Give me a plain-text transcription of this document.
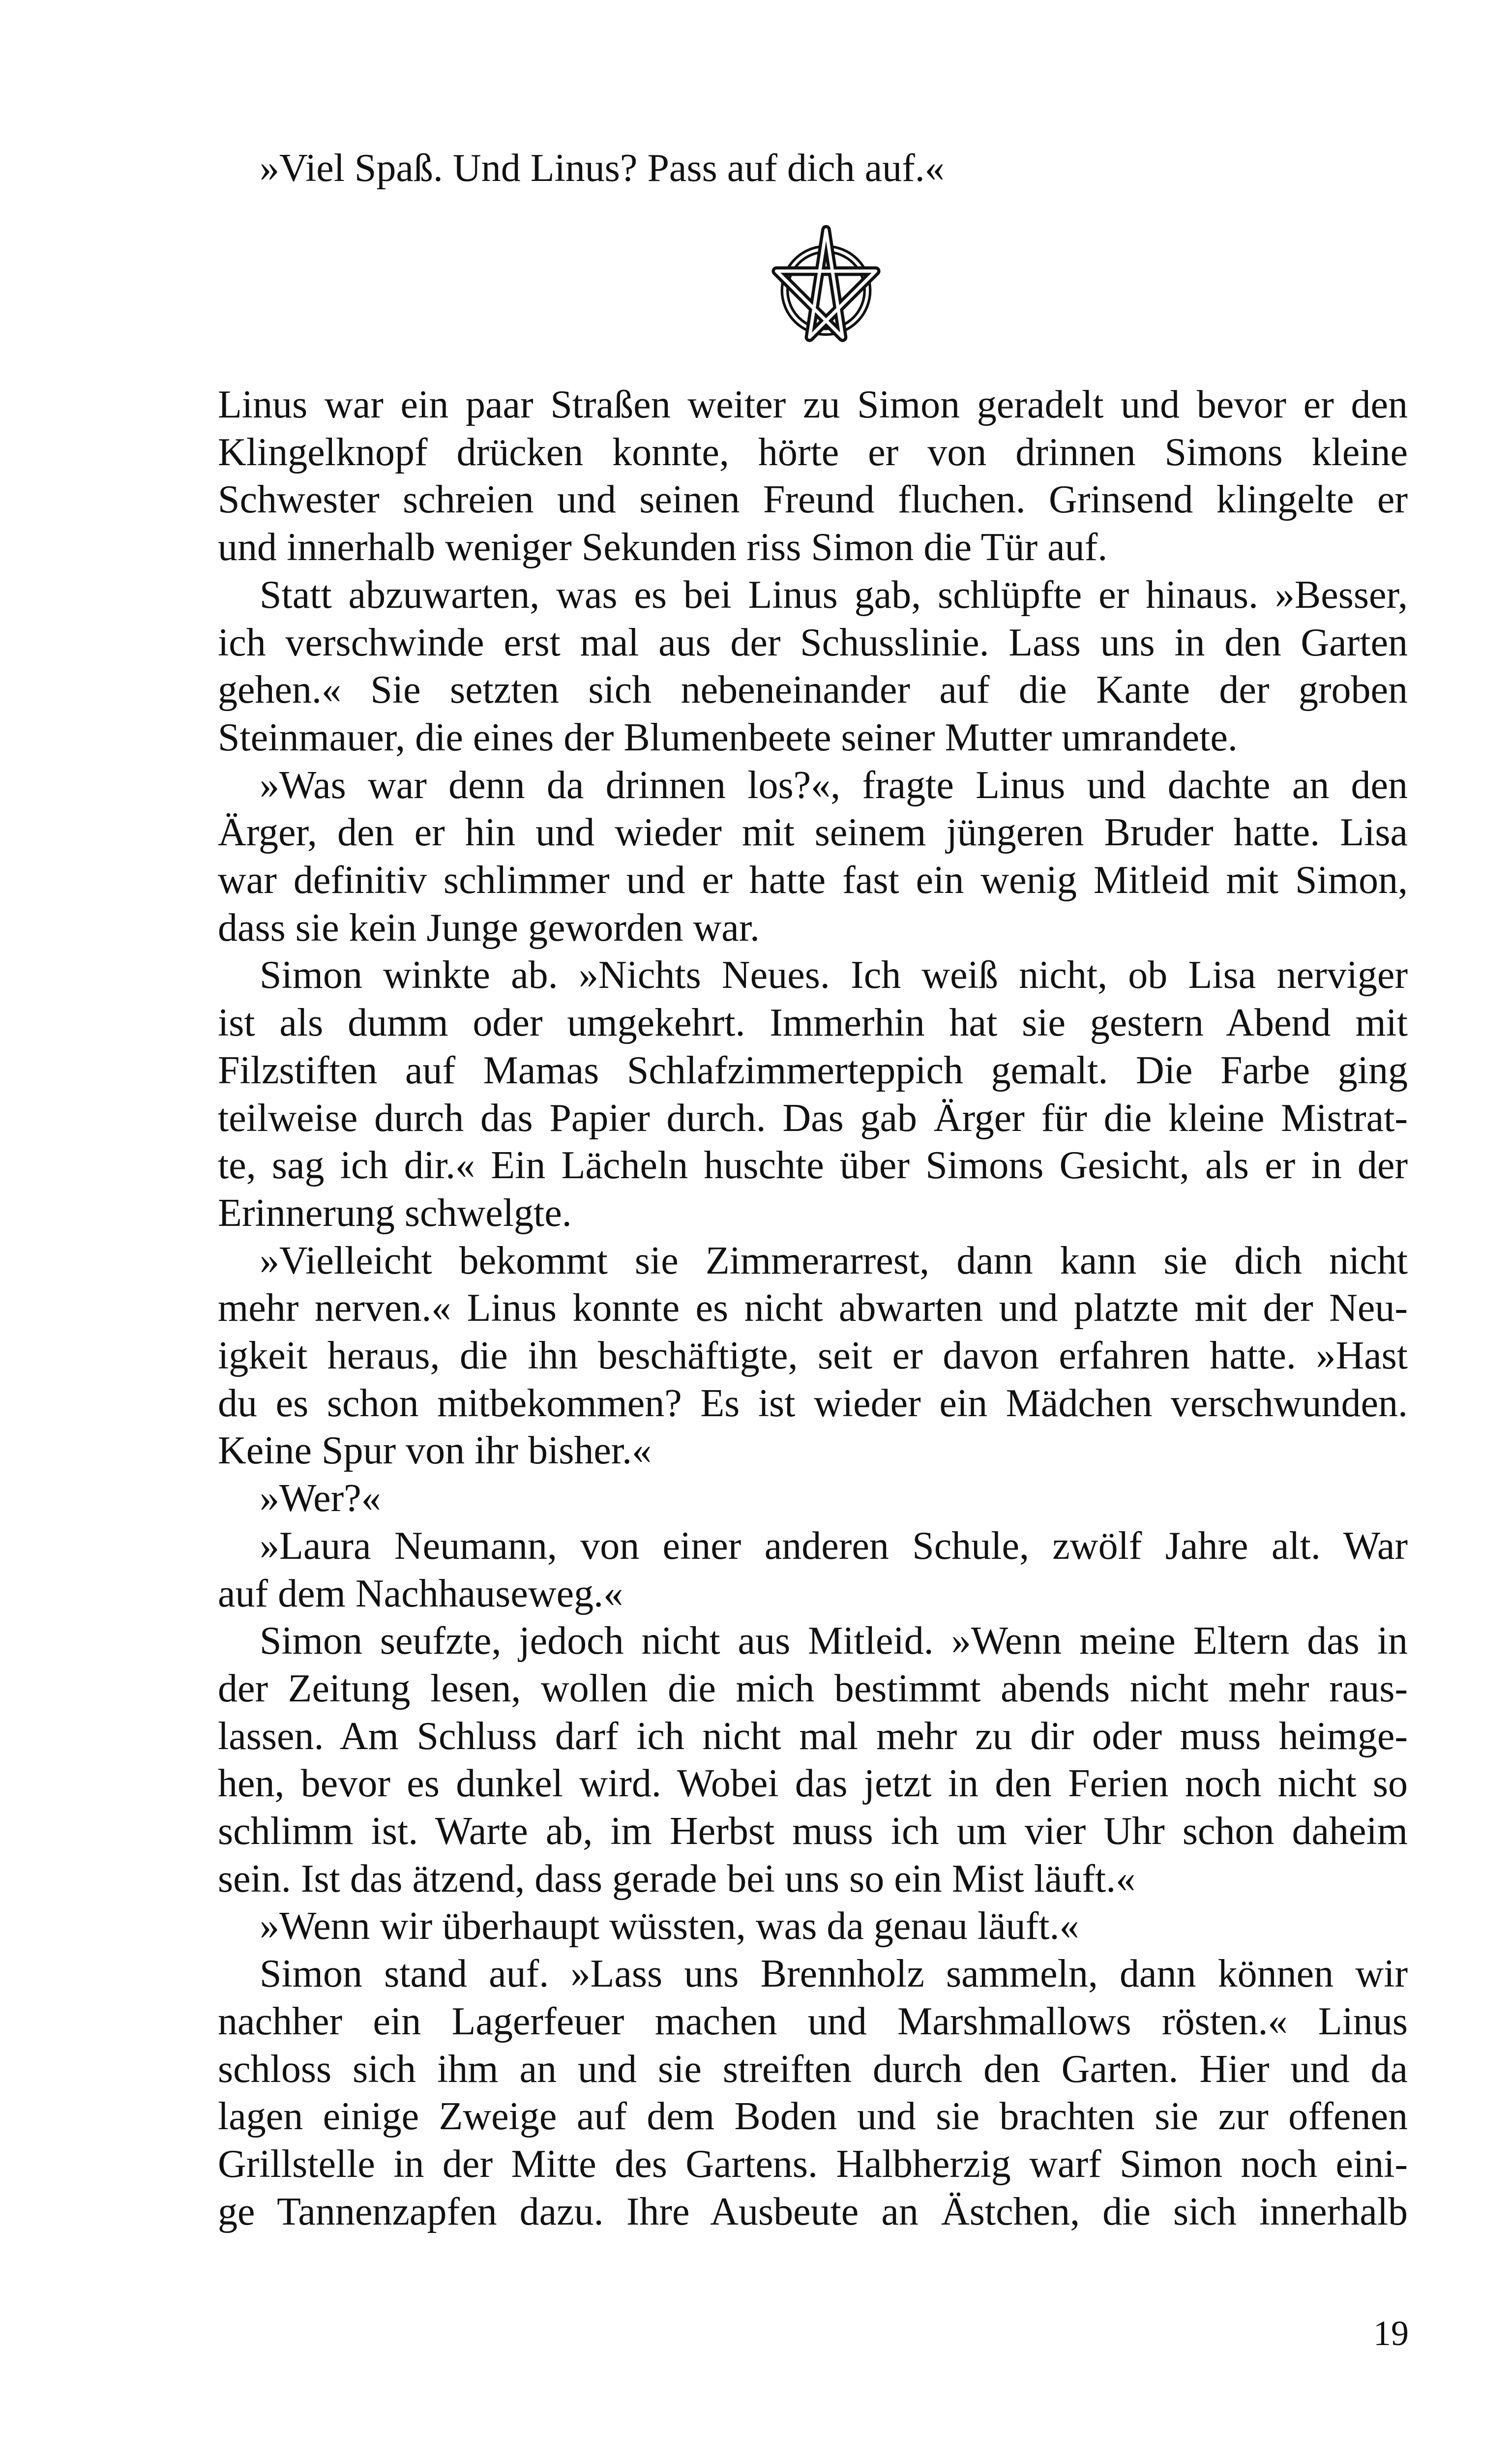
»Viel Spaß. Und Linus? Pass auf dich auf.«
Linus war ein paar Straßen weiter zu Simon geradelt und bevor er den
Klingelknopf drücken konnte, hörte er von drinnen Simons kleine
Schwester schreien und seinen Freund fluchen. Grinsend klingelte er
und innerhalb weniger Sekunden riss Simon die Tür auf.
Statt abzuwarten, was es bei Linus gab, schlüpfte er hinaus. »Besser,
ich verschwinde erst mal aus der Schusslinie. Lass uns in den Garten
gehen.« Sie setzten sich nebeneinander auf die Kante der groben
Steinmauer, die eines der Blumenbeete seiner Mutter umrandete.
»Was war denn da drinnen los?«, fragte Linus und dachte an den
Ärger, den er hin und wieder mit seinem jüngeren Bruder hatte. Lisa
war definitiv schlimmer und er hatte fast ein wenig Mitleid mit Simon,
dass sie kein Junge geworden war.
Simon winkte ab. »Nichts Neues. Ich weiß nicht, ob Lisa nerviger
ist als dumm oder umgekehrt. Immerhin hat sie gestern Abend mit
Filzstiften auf Mamas Schlafzimmerteppich gemalt. Die Farbe ging
teilweise durch das Papier durch. Das gab Ärger für die kleine Mistrat-
te, sag ich dir.« Ein Lächeln huschte über Simons Gesicht, als er in der
Erinnerung schwelgte.
»Vielleicht bekommt sie Zimmerarrest, dann kann sie dich nicht
mehr nerven.« Linus konnte es nicht abwarten und platzte mit der Neu-
igkeit heraus, die ihn beschäftigte, seit er davon erfahren hatte. »Hast
du es schon mitbekommen? Es ist wieder ein Mädchen verschwunden.
Keine Spur von ihr bisher.«
»Wer?«
»Laura Neumann, von einer anderen Schule, zwölf Jahre alt. War
auf dem Nachhauseweg.«
Simon seufzte, jedoch nicht aus Mitleid. »Wenn meine Eltern das in
der Zeitung lesen, wollen die mich bestimmt abends nicht mehr raus-
lassen. Am Schluss darf ich nicht mal mehr zu dir oder muss heimge-
hen, bevor es dunkel wird. Wobei das jetzt in den Ferien noch nicht so
schlimm ist. Warte ab, im Herbst muss ich um vier Uhr schon daheim
sein. Ist das ätzend, dass gerade bei uns so ein Mist läuft.«
»Wenn wir überhaupt wüssten, was da genau läuft.«
Simon stand auf. »Lass uns Brennholz sammeln, dann können wir
nachher ein Lagerfeuer machen und Marshmallows rösten.« Linus
schloss sich ihm an und sie streiften durch den Garten. Hier und da
lagen einige Zweige auf dem Boden und sie brachten sie zur offenen
Grillstelle in der Mitte des Gartens. Halbherzig warf Simon noch eini-
ge Tannenzapfen dazu. Ihre Ausbeute an Ästchen, die sich innerhalb
19
